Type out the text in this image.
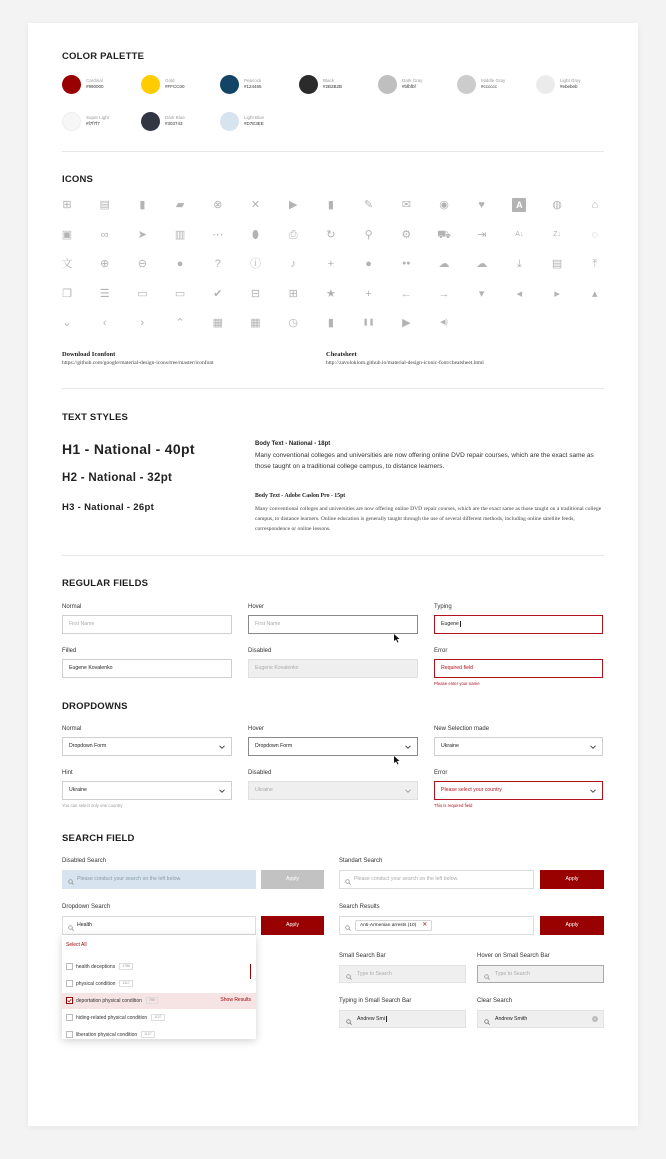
COLOR PALETTE
Cardinal
#990000
Gold
#FFCC00
Peacock
#124465
Black
#2B2B2B
Dark Gray
#bfbfbf
Middle Gray
#cccccc
Light Gray
#ebebeb
Super Light
#f7f7f7
Dark Blue
#303743
Light Blue
#D7E3EE
ICONS
⊞	▤	▮	▰	⊗	✕	▶	▮	✎	✉	◉	♥	A	◍	⌂
▣	∞	➤	▥ ⋯	⬮	⎙	↻	⚲	⚙ ⛟ ⇥	A↓	Z↓	◌
文	⊕	⊖	●	?	ⓘ	♪	+	●	●●	☁ ☁	⤓	▤	⤒
❐	☰	▭ ▭	✔	⊟	⊞	★	+	← →	▾	◂	▸	▴
⌄	‹	›	⌃	▦ ▦	◷	▮	❚❚	▶	◀)
Download Iconfont
https://github.com/google/material-design-icons/tree/master/iconfont
Cheatsheet
http://zavoloklom.github.io/material-design-iconic-font/cheatsheet.html
TEXT STYLES
H1 - National - 40pt
H2 - National - 32pt
H3 - National - 26pt
Body Text - National - 18pt
Many conventional colleges and universities are now offering online DVD repair courses, which are the exact same as those taught on a traditional college campus, to distance learners.
Body Text - Adobe Caslon Pro - 15pt
Many conventional colleges and universities are now offering online DVD repair courses, which are the exact same as those taught on a traditional college campus, to distance learners. Online education is generally taught through the use of several different methods, including online satellite feeds, correspondence or online lessons.
REGULAR FIELDS
Normal
First Name
Hover
First Name
Typing
Eugene
Filled
Eugene Kovalenko
Disabled
Eugene Kovalenko
Error
Required field
Please enter your name
DROPDOWNS
Normal
Dropdown Form
Hover
Dropdown Form
New Selection made
Ukraine
Hint
Ukraine
You can select only one country
Disabled
Ukraine
Error
Please select your country
This is required field
SEARCH FIELD
Disabled Search
Please conduct your search on the left below.	Apply
Standart Search
Please conduct your search on the left below.	Apply
Dropdown Search
Health	Apply
Select All
health deceptions 1786
physical condition 1117
deportation physical condition 790	Show Results
hiding-related physical condition 1127
liberation physical condition 1127
Search Results
Anti-Armenian arrests (10) ✕	Apply
Small Search Bar
Type to Search
Hover on Small Search Bar
Type to Search
Typing in Small Search Bar
Andrew Smi
Clear Search
Andrew Smith	×
